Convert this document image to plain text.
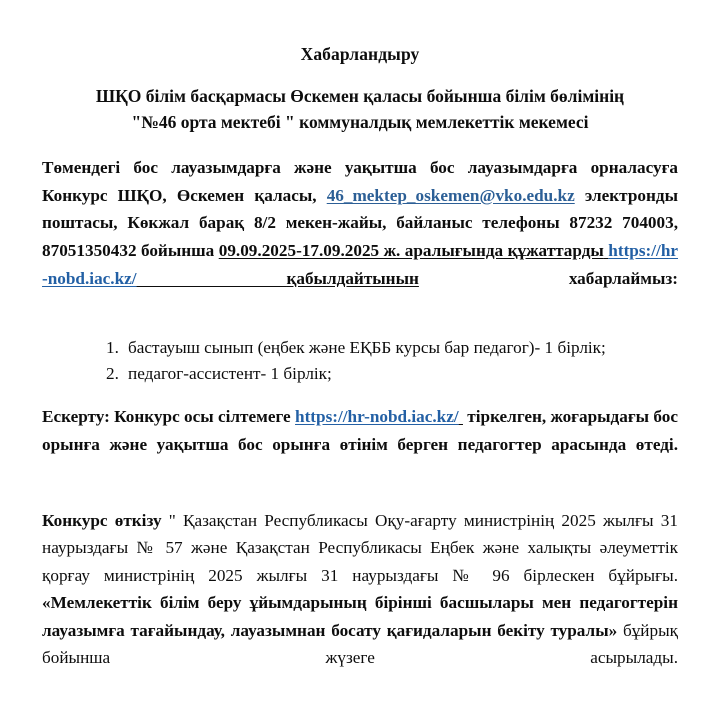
Хабарландыру
ШҚО білім басқармасы Өскемен қаласы бойынша білім бөлімінің
"№46 орта мектебі " коммуналдық мемлекеттік мекемесі

Төмендегі бос лауазымдарға және уақытша бос лауазымдарға орналасуға Конкурс ШҚО, Өскемен қаласы, 46_mektep_oskemen@vko.edu.kz электронды поштасы, Көкжал барақ 8/2 мекен-жайы, байланыс телефоны 87232 704003, 87051350432 бойынша 09.09.2025-17.09.2025 ж. аралығында құжаттарды https://hr-nobd.iac.kz/	қабылдайтынын хабарлаймыз:

1. бастауыш сынып (еңбек және ЕҚББ курсы бар педагог)- 1 бірлік;
2. педагог-ассистент- 1 бірлік;

Ескерту: Конкурс осы сілтемеге https://hr-nobd.iac.kz/  тіркелген, жоғарыдағы бос орынға және уақытша бос орынға өтінім берген педагогтер арасында өтеді.

Конкурс өткізу " Қазақстан Республикасы Оқу-ағарту министрінің 2025 жылғы 31 наурыздағы № 57 және Қазақстан Республикасы Еңбек және халықты әлеуметтік қорғау министрінің 2025 жылғы 31 наурыздағы № 96 бірлескен бұйрығы. «Мемлекеттік білім беру ұйымдарының бірінші басшылары мен педагогтерін лауазымға тағайындау, лауазымнан босату қағидаларын бекіту туралы» бұйрық бойынша жүзеге асырылады.
